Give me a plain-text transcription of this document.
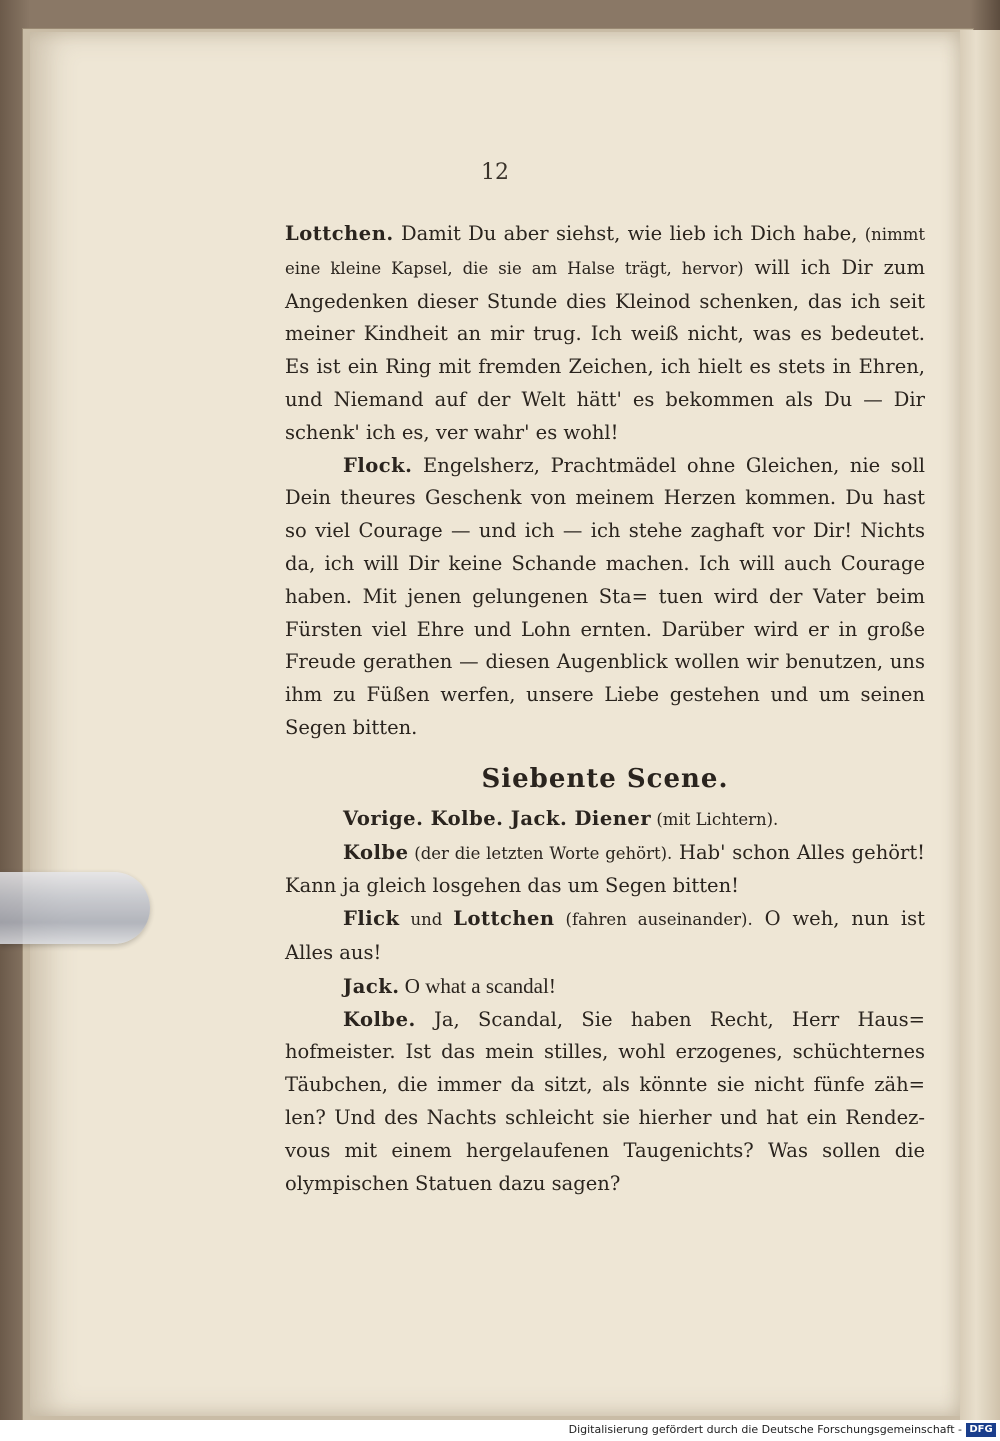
12

Lottchen. Damit Du aber siehst, wie lieb ich Dich habe, (nimmt eine kleine Kapsel, die sie am Halse trägt, hervor) will ich Dir zum Angedenken dieser Stunde dies Kleinod schenken, das ich seit meiner Kindheit an mir trug. Ich weiß nicht, was es bedeutet. Es ist ein Ring mit fremden Zeichen, ich hielt es stets in Ehren, und Niemand auf der Welt hätt' es bekommen als Du — Dir schenk' ich es, ver wahr' es wohl!

Flock. Engelsherz, Prachtmädel ohne Gleichen, nie soll Dein theures Geschenk von meinem Herzen kommen. Du hast so viel Courage — und ich — ich stehe zaghaft vor Dir! Nichts da, ich will Dir keine Schande machen. Ich will auch Courage haben. Mit jenen gelungenen Sta= tuen wird der Vater beim Fürsten viel Ehre und Lohn ernten. Darüber wird er in große Freude gerathen — diesen Augenblick wollen wir benutzen, uns ihm zu Füßen werfen, unsere Liebe gestehen und um seinen Segen bitten.

Siebente Scene.

Vorige. Kolbe. Jack. Diener (mit Lichtern).

Kolbe (der die letzten Worte gehört). Hab' schon Alles gehört! Kann ja gleich losgehen das um Segen bitten!

Flick und Lottchen (fahren auseinander). O weh, nun ist Alles aus!

Jack. O what a scandal!

Kolbe. Ja, Scandal, Sie haben Recht, Herr Haus= hofmeister. Ist das mein stilles, wohl erzogenes, schüchternes Täubchen, die immer da sitzt, als könnte sie nicht fünfe zäh= len? Und des Nachts schleicht sie hierher und hat ein Rendez- vous mit einem hergelaufenen Taugenichts? Was sollen die olympischen Statuen dazu sagen?

Digitalisierung gefördert durch die Deutsche Forschungsgemeinschaft - DFG
